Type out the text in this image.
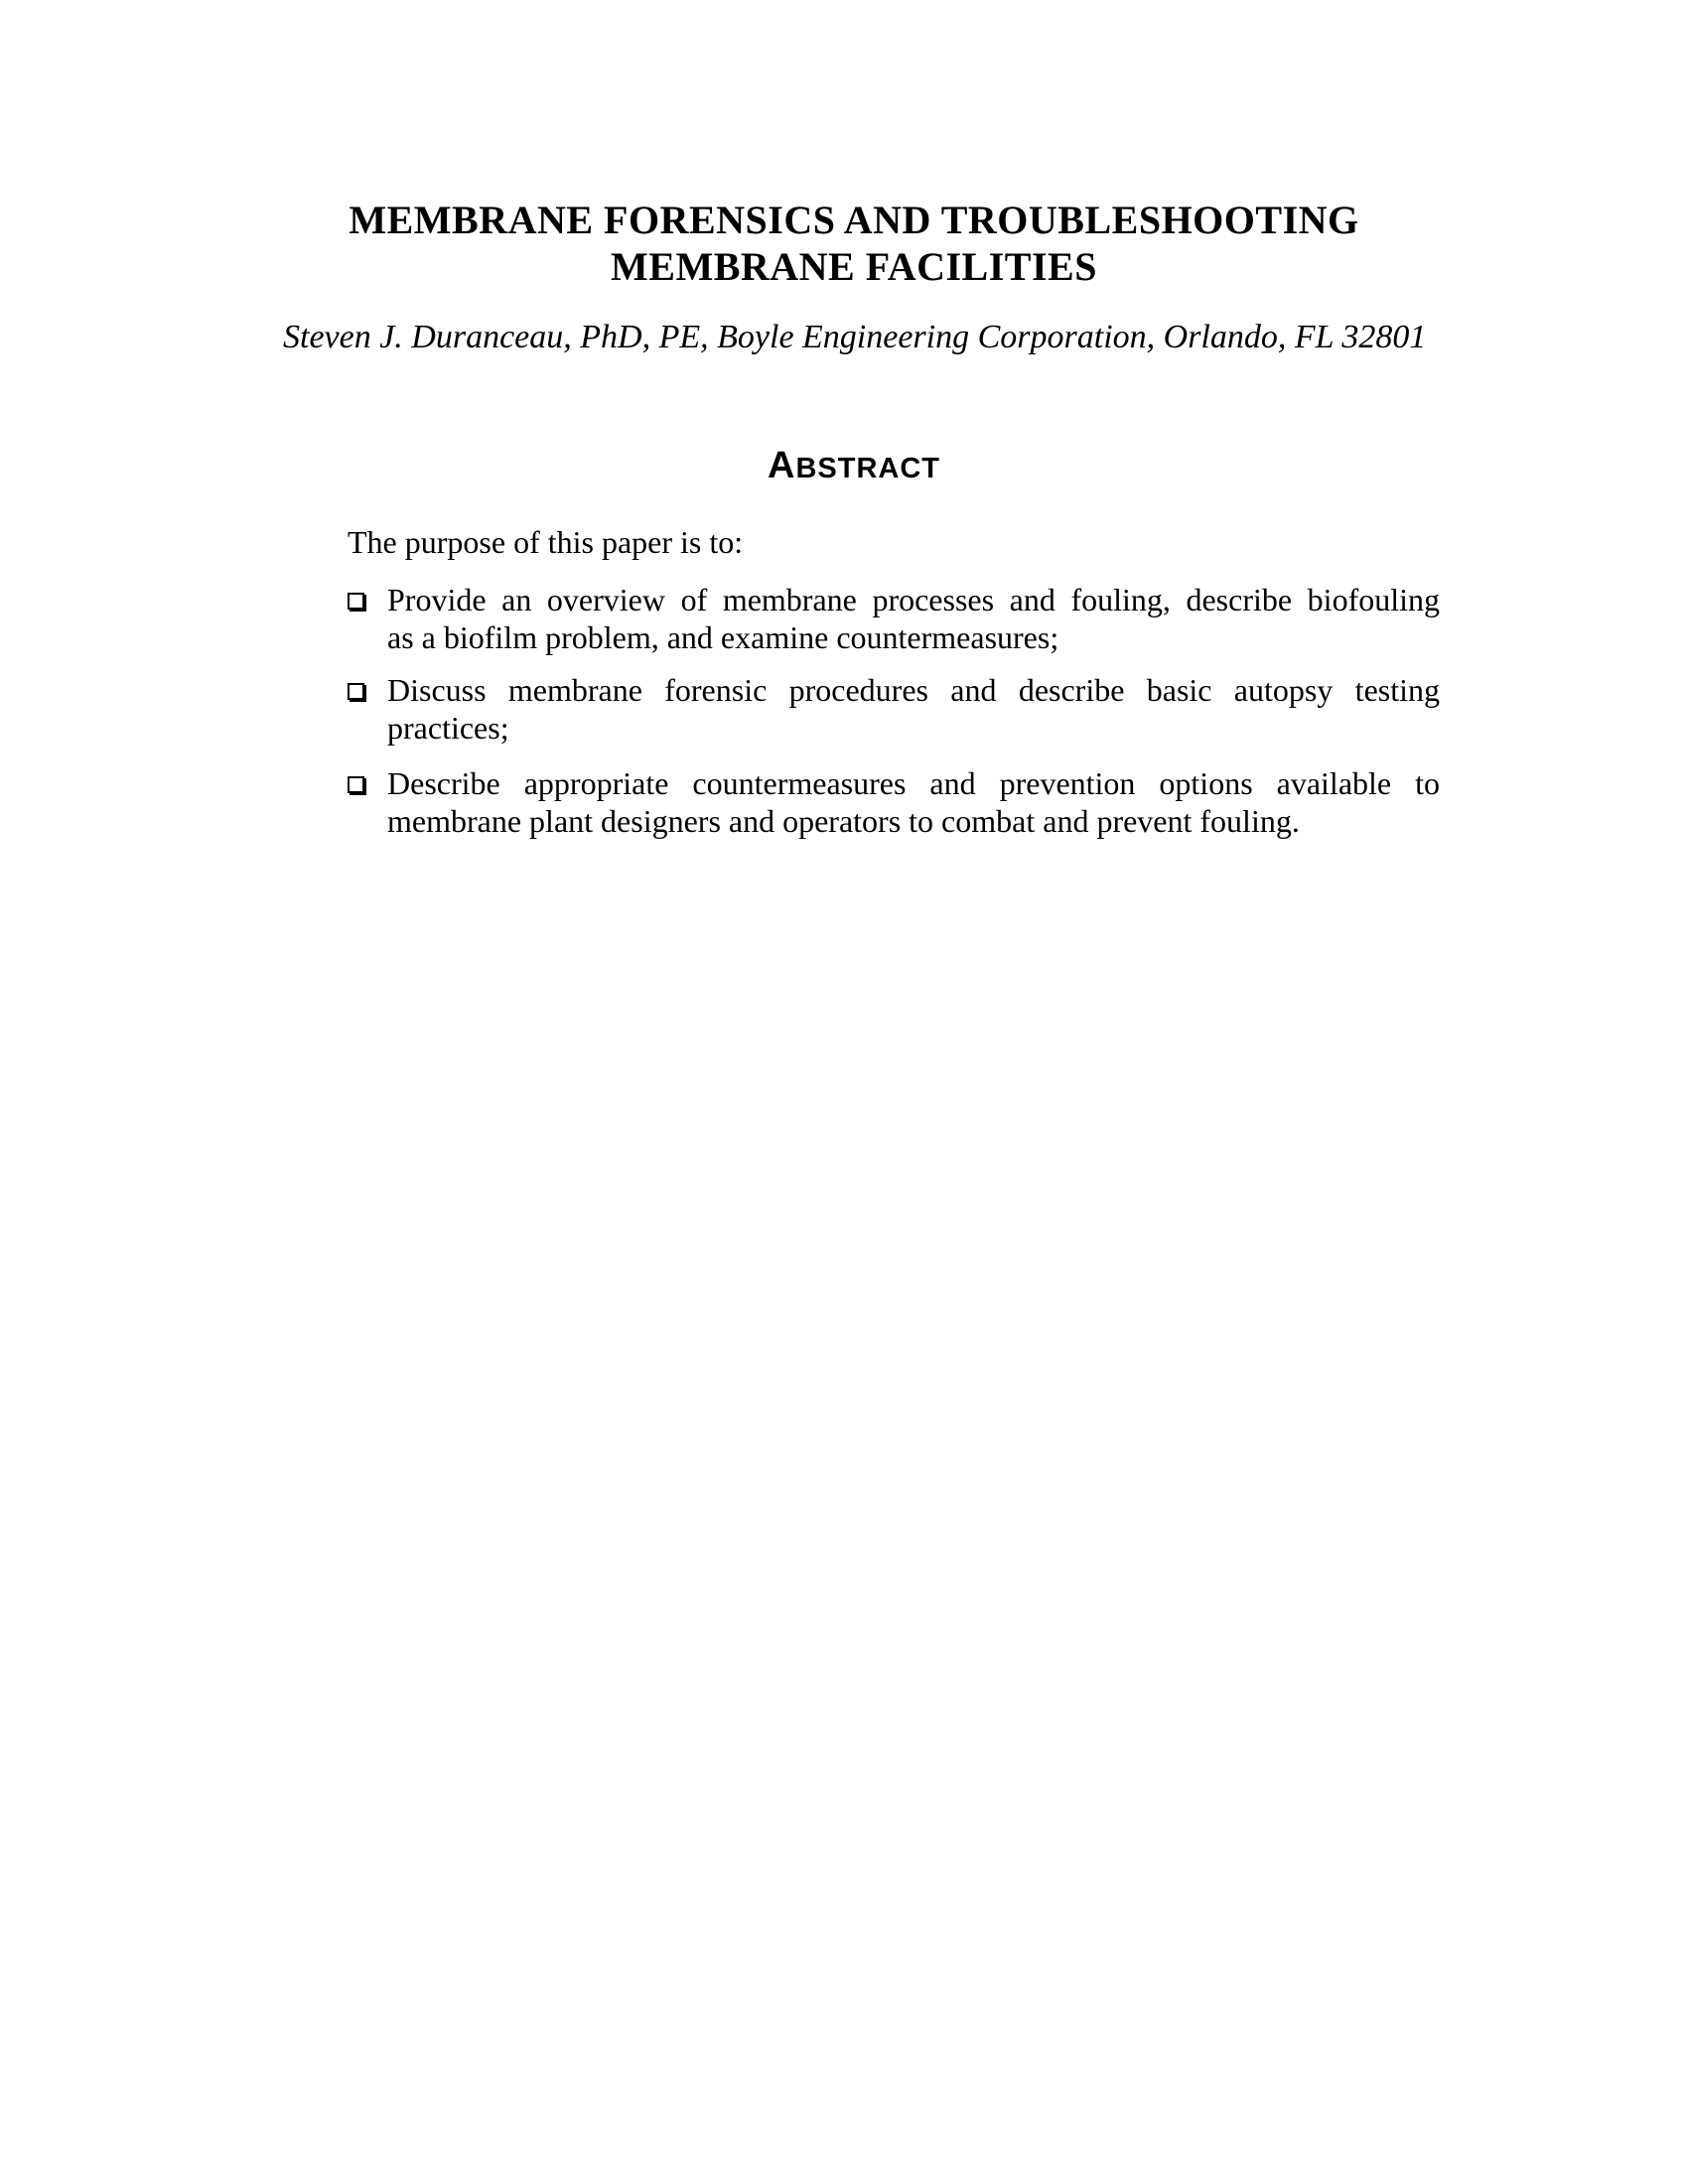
MEMBRANE FORENSICS AND TROUBLESHOOTING
MEMBRANE FACILITIES
Steven J. Duranceau, PhD, PE, Boyle Engineering Corporation, Orlando, FL 32801
ABSTRACT

The purpose of this paper is to:

Provide an overview of membrane processes and fouling, describe biofouling
as a biofilm problem, and examine countermeasures;
Discuss membrane forensic procedures and describe basic autopsy testing
practices;
Describe appropriate countermeasures and prevention options available to
membrane plant designers and operators to combat and prevent fouling.
